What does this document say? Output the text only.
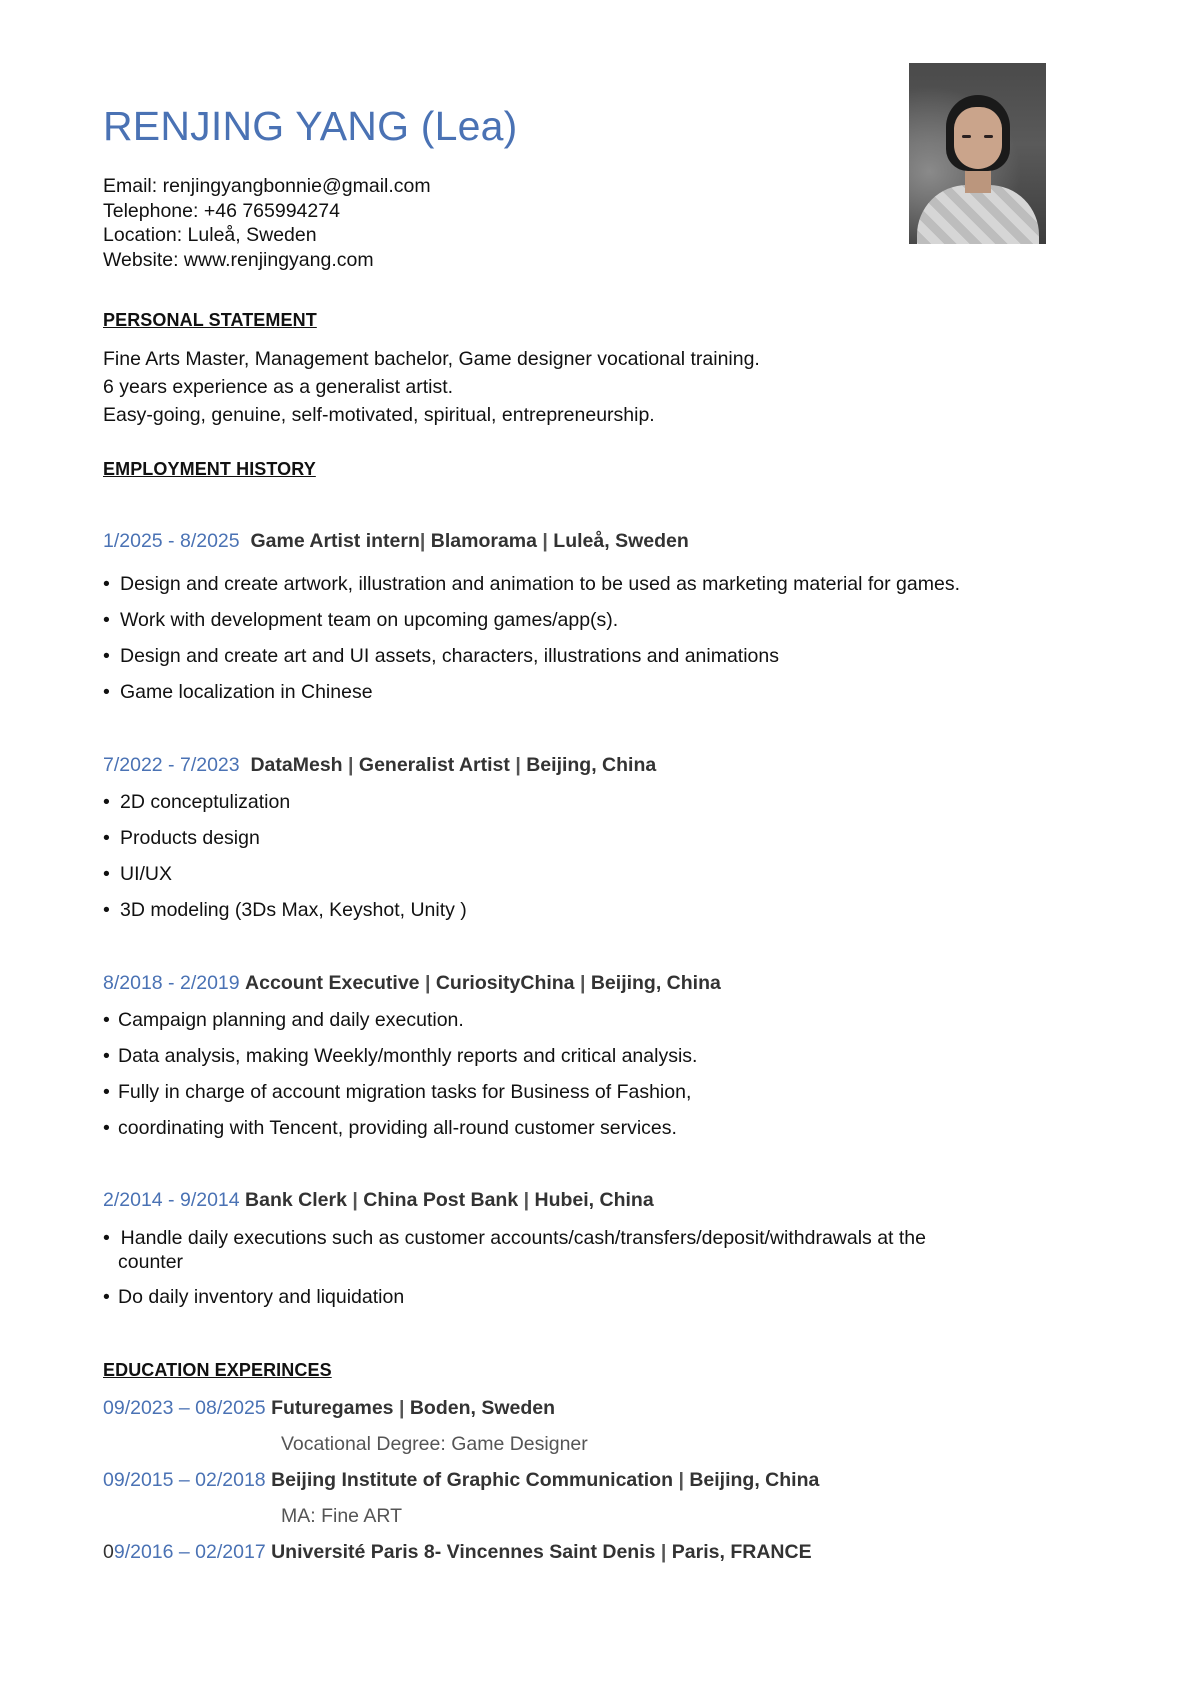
RENJING YANG (Lea)
Email: renjingyangbonnie@gmail.com
Telephone: +46 765994274
Location: Luleå, Sweden
Website: www.renjingyang.com
PERSONAL STATEMENT
Fine Arts Master, Management bachelor, Game designer vocational training.
6 years experience as a generalist artist.
Easy-going, genuine, self-motivated, spiritual, entrepreneurship.
EMPLOYMENT HISTORY
1/2025 - 8/2025 Game Artist intern| Blamorama | Luleå, Sweden
• Design and create artwork, illustration and animation to be used as marketing material for games.
• Work with development team on upcoming games/app(s).
• Design and create art and UI assets, characters, illustrations and animations
• Game localization in Chinese
7/2022 - 7/2023 DataMesh | Generalist Artist | Beijing, China
• 2D conceptulization
• Products design
• UI/UX
• 3D modeling (3Ds Max, Keyshot, Unity )
8/2018 - 2/2019 Account Executive | CuriosityChina | Beijing, China
• Campaign planning and daily execution.
• Data analysis, making Weekly/monthly reports and critical analysis.
• Fully in charge of account migration tasks for Business of Fashion,
• coordinating with Tencent, providing all-round customer services.
2/2014 - 9/2014 Bank Clerk | China Post Bank | Hubei, China
• Handle daily executions such as customer accounts/cash/transfers/deposit/withdrawals at the
counter
• Do daily inventory and liquidation
EDUCATION EXPERINCES
09/2023 – 08/2025 Futuregames | Boden, Sweden
Vocational Degree: Game Designer
09/2015 – 02/2018 Beijing Institute of Graphic Communication | Beijing, China
MA: Fine ART
09/2016 – 02/2017 Université Paris 8- Vincennes Saint Denis | Paris, FRANCE
